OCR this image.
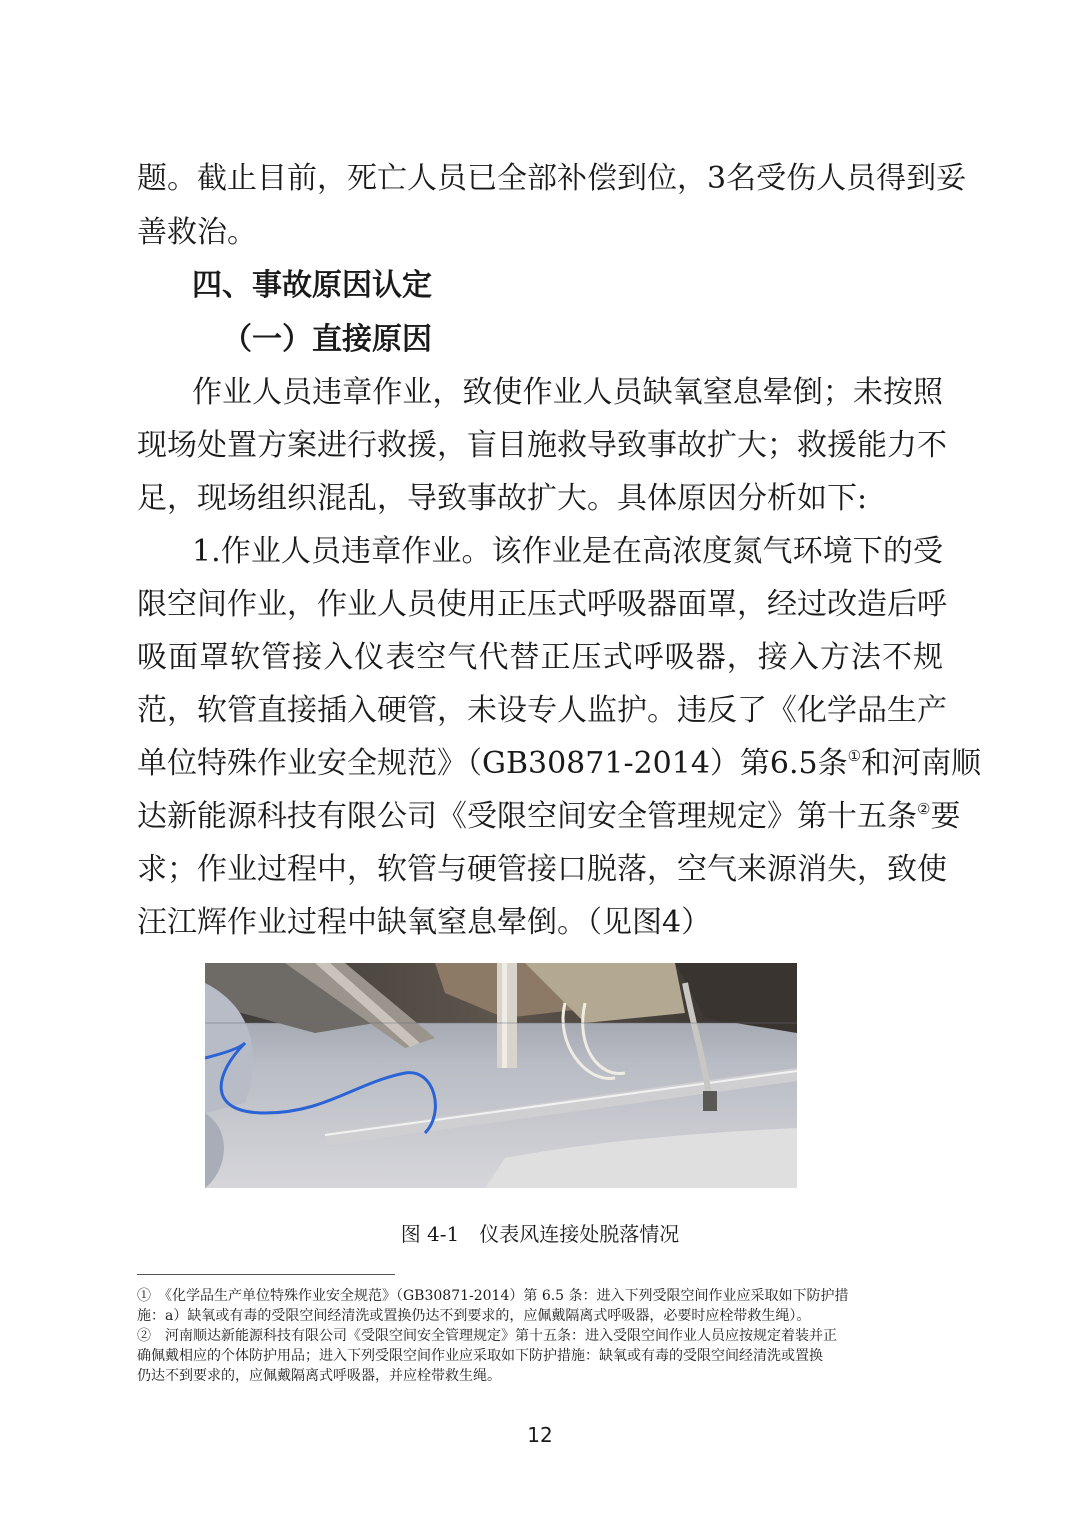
题。截止目前，死亡人员已全部补偿到位，3名受伤人员得到妥
善救治。
四、事故原因认定
（一）直接原因
作业人员违章作业，致使作业人员缺氧窒息晕倒；未按照
现场处置方案进行救援，盲目施救导致事故扩大；救援能力不
足，现场组织混乱，导致事故扩大。具体原因分析如下:
1.作业人员违章作业。该作业是在高浓度氮气环境下的受
限空间作业，作业人员使用正压式呼吸器面罩，经过改造后呼
吸面罩软管接入仪表空气代替正压式呼吸器，接入方法不规
范，软管直接插入硬管，未设专人监护。违反了《化学品生产
单位特殊作业安全规范》（GB30871-2014）第6.5条①和河南顺
达新能源科技有限公司《受限空间安全管理规定》第十五条②要
求；作业过程中，软管与硬管接口脱落，空气来源消失，致使
汪江辉作业过程中缺氧窒息晕倒。（见图4）
图 4-1　仪表风连接处脱落情况
①　《化学品生产单位特殊作业安全规范》（GB30871-2014）第 6.5 条：进入下列受限空间作业应采取如下防护措
施：a）缺氧或有毒的受限空间经清洗或置换仍达不到要求的，应佩戴隔离式呼吸器，必要时应栓带救生绳）。
②　河南顺达新能源科技有限公司《受限空间安全管理规定》第十五条：进入受限空间作业人员应按规定着装并正
确佩戴相应的个体防护用品；进入下列受限空间作业应采取如下防护措施：缺氧或有毒的受限空间经清洗或置换
仍达不到要求的，应佩戴隔离式呼吸器，并应栓带救生绳。
12
